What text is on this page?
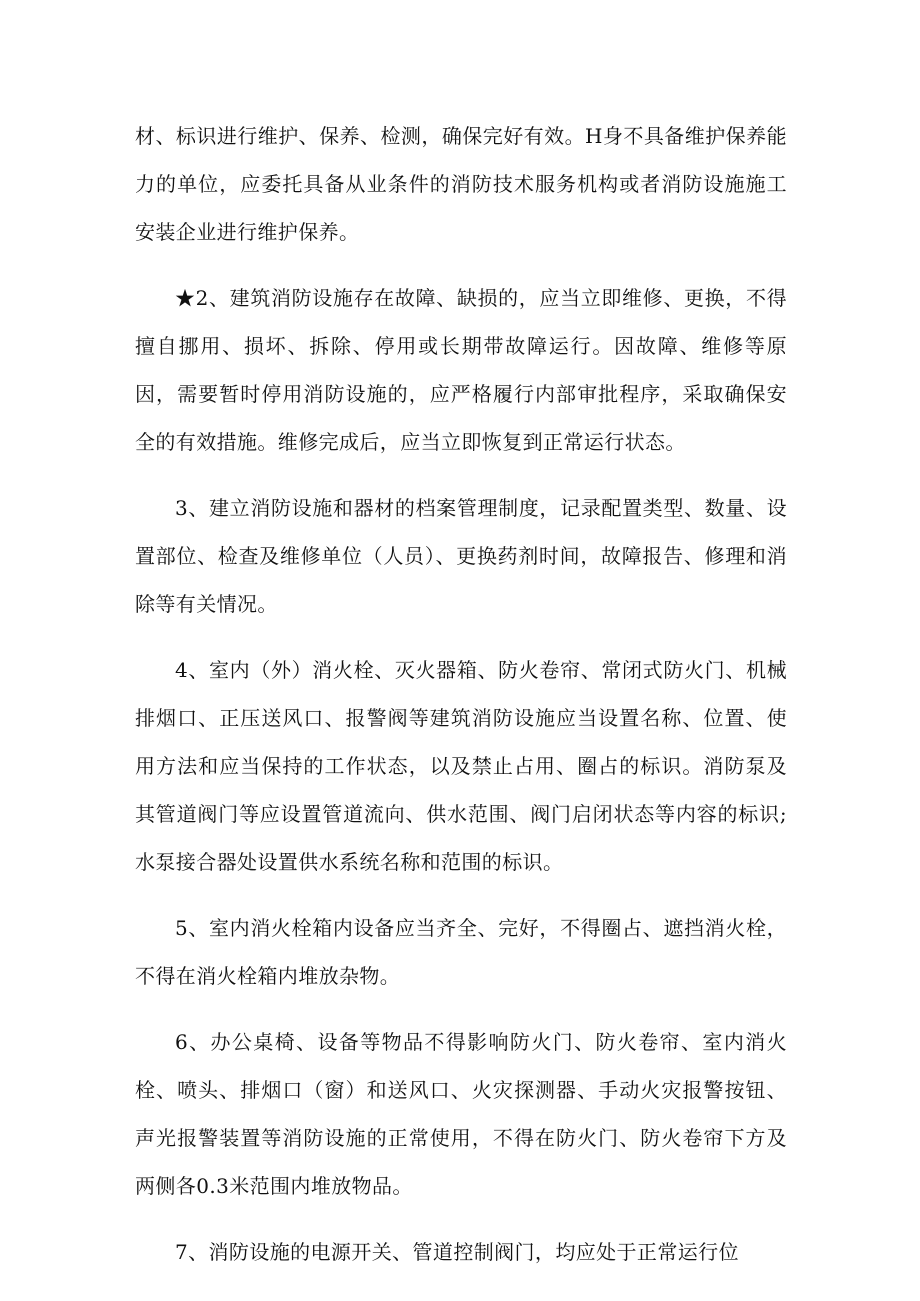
材、标识进行维护、保养、检测，确保完好有效。H身不具备维护保养能力的单位，应委托具备从业条件的消防技术服务机构或者消防设施施工安装企业进行维护保养。

★2、建筑消防设施存在故障、缺损的，应当立即维修、更换，不得擅自挪用、损坏、拆除、停用或长期带故障运行。因故障、维修等原因，需要暂时停用消防设施的，应严格履行内部审批程序，采取确保安全的有效措施。维修完成后，应当立即恢复到正常运行状态。

3、建立消防设施和器材的档案管理制度，记录配置类型、数量、设置部位、检查及维修单位（人员）、更换药剂时间，故障报告、修理和消除等有关情况。

4、室内（外）消火栓、灭火器箱、防火卷帘、常闭式防火门、机械排烟口、正压送风口、报警阀等建筑消防设施应当设置名称、位置、使用方法和应当保持的工作状态，以及禁止占用、圈占的标识。消防泵及其管道阀门等应设置管道流向、供水范围、阀门启闭状态等内容的标识;水泵接合器处设置供水系统名称和范围的标识。

5、室内消火栓箱内设备应当齐全、完好，不得圈占、遮挡消火栓，不得在消火栓箱内堆放杂物。

6、办公桌椅、设备等物品不得影响防火门、防火卷帘、室内消火栓、喷头、排烟口（窗）和送风口、火灾探测器、手动火灾报警按钮、声光报警装置等消防设施的正常使用，不得在防火门、防火卷帘下方及两侧各0.3米范围内堆放物品。

7、消防设施的电源开关、管道控制阀门，均应处于正常运行位
